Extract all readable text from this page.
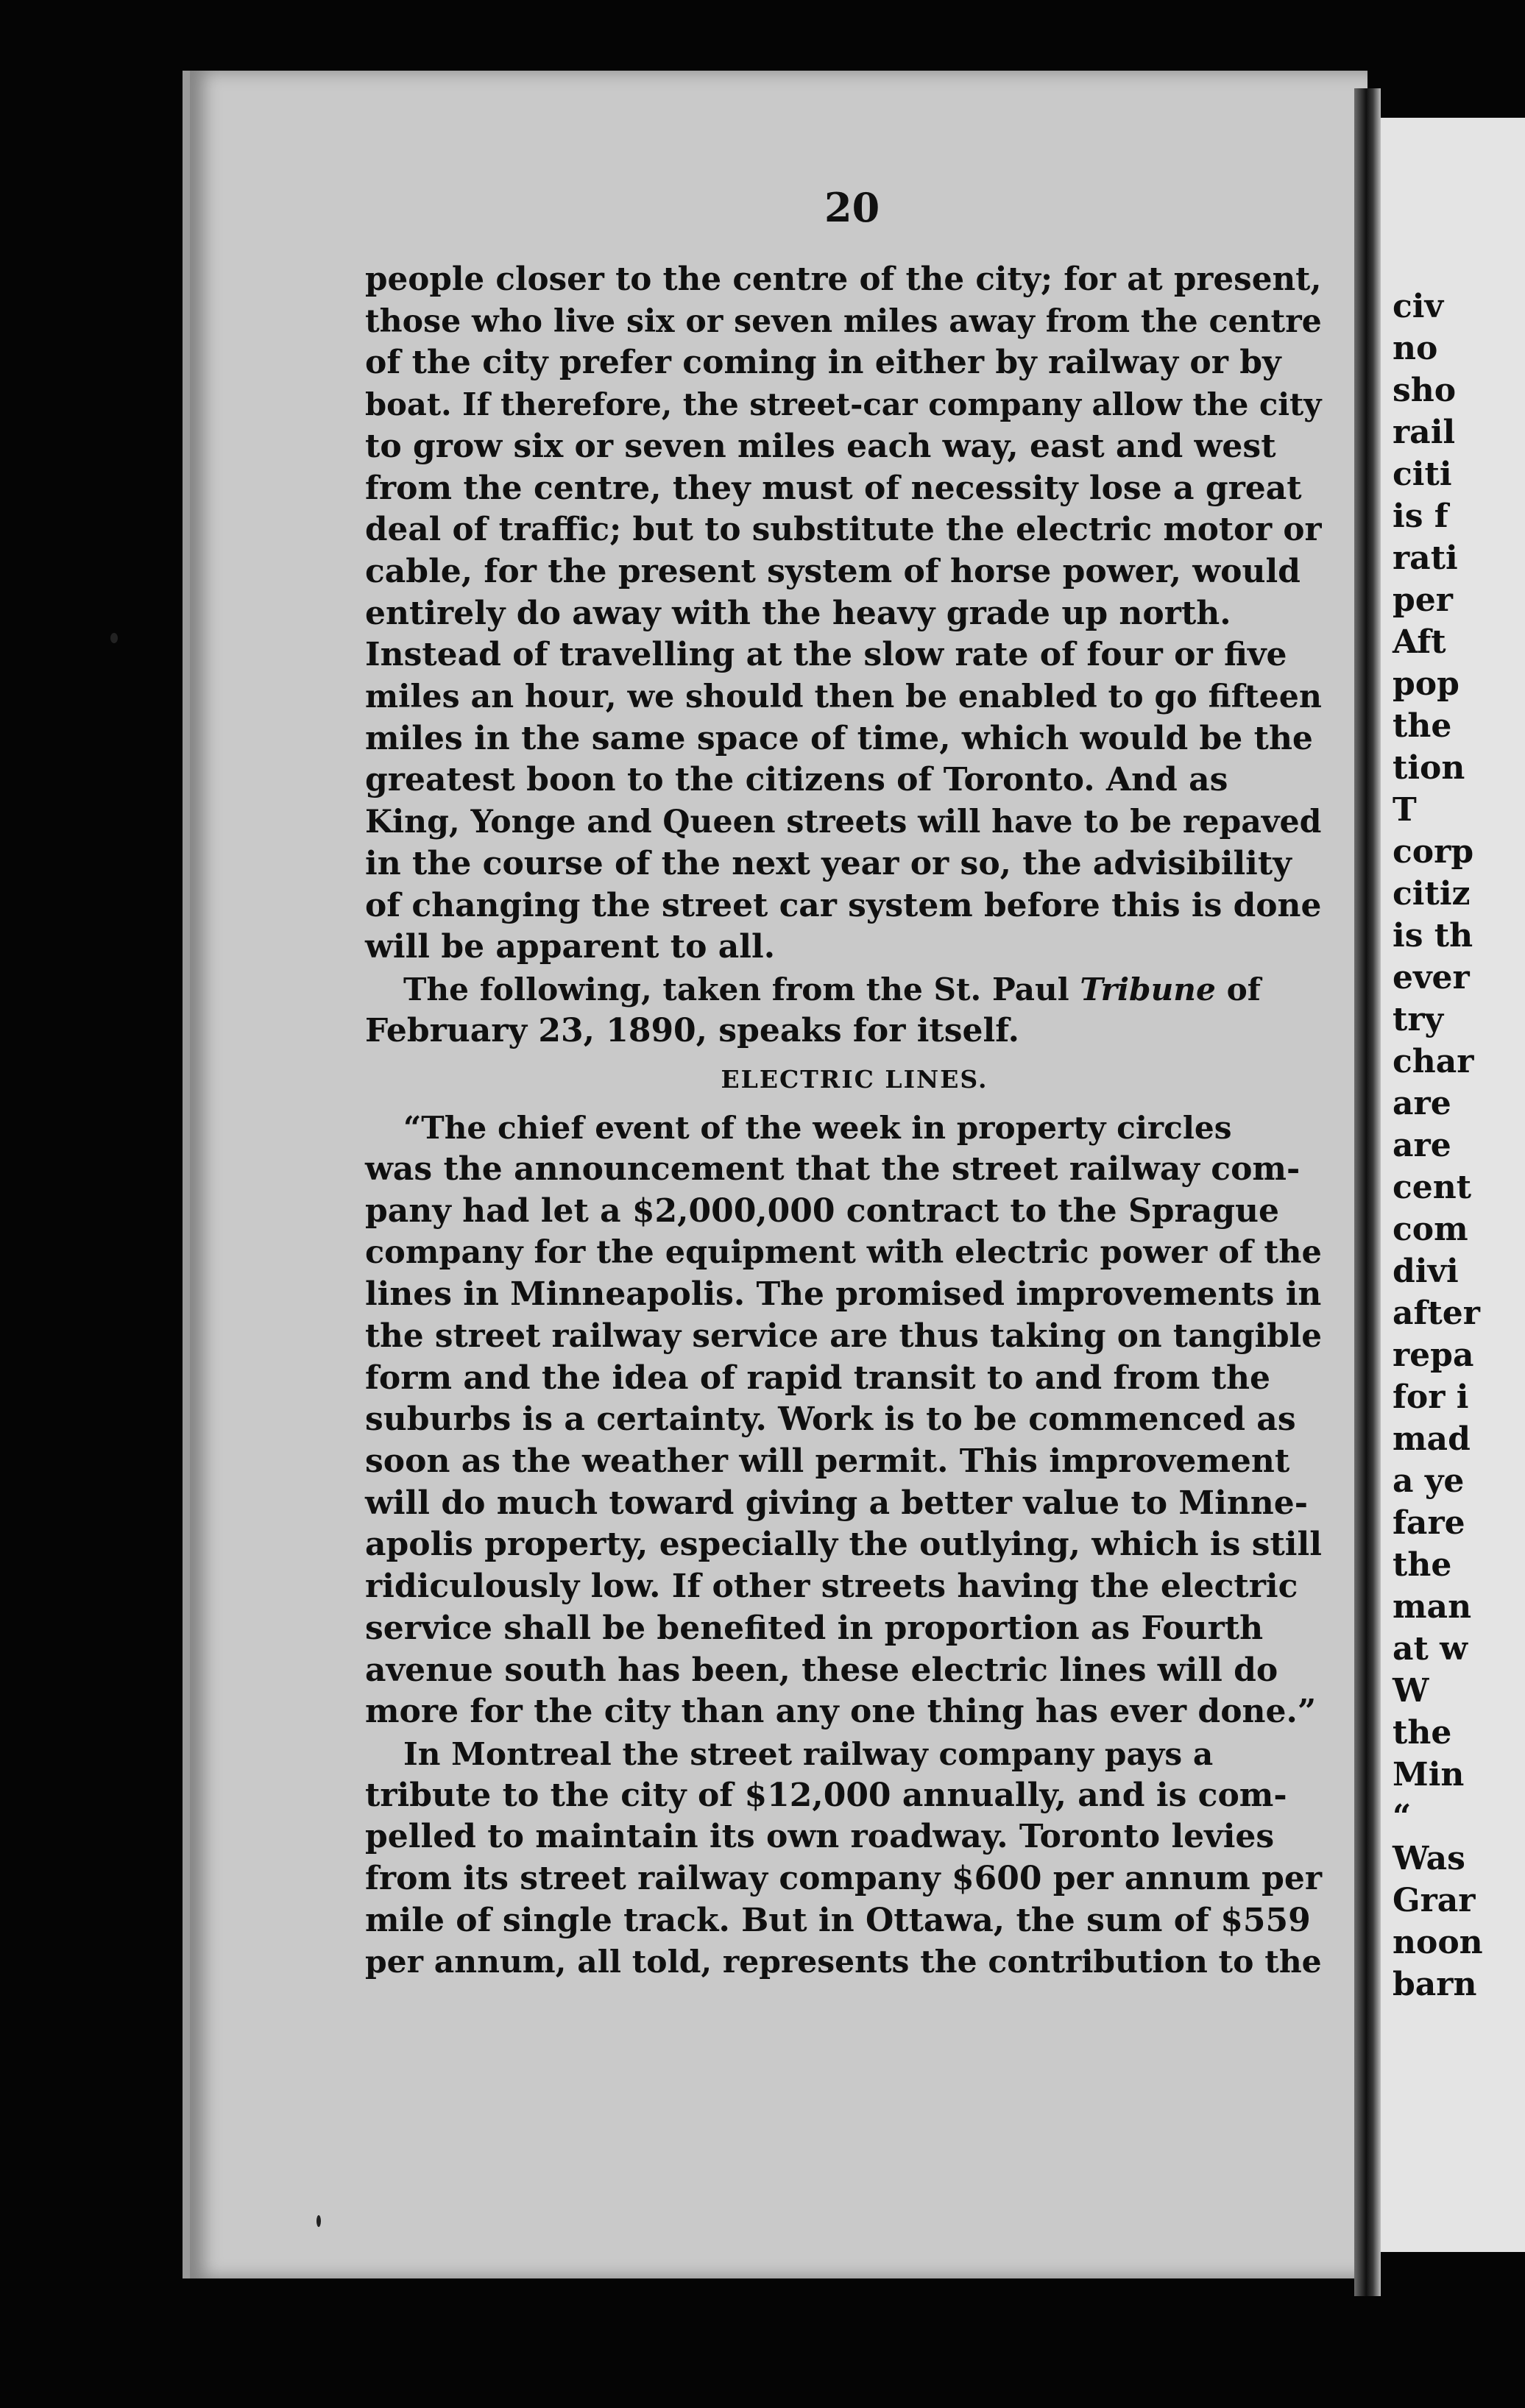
civ
no
sho
rail
citi
is f
rati
per
Aft
pop
the
tion
T
corp
citiz
is th
ever
try
char
are
are
cent
com
divi
after
repa
for i
mad
a ye
fare
the
man
at w
W
the
Min
“
Was
Grar
noon
barn
20
people closer to the centre of the city; for at present,
those who live six or seven miles away from the centre
of the city prefer coming in either by railway or by
boat. If therefore, the street-car company allow the city
to grow six or seven miles each way, east and west
from the centre, they must of necessity lose a great
deal of traffic; but to substitute the electric motor or
cable, for the present system of horse power, would
entirely do away with the heavy grade up north.
Instead of travelling at the slow rate of four or five
miles an hour, we should then be enabled to go fifteen
miles in the same space of time, which would be the
greatest boon to the citizens of Toronto. And as
King, Yonge and Queen streets will have to be repaved
in the course of the next year or so, the advisibility
of changing the street car system before this is done
will be apparent to all.
The following, taken from the St. Paul Tribune of
February 23, 1890, speaks for itself.
ELECTRIC LINES.
“The chief event of the week in property circles
was the announcement that the street railway com-
pany had let a $2,000,000 contract to the Sprague
company for the equipment with electric power of the
lines in Minneapolis. The promised improvements in
the street railway service are thus taking on tangible
form and the idea of rapid transit to and from the
suburbs is a certainty. Work is to be commenced as
soon as the weather will permit. This improvement
will do much toward giving a better value to Minne-
apolis property, especially the outlying, which is still
ridiculously low. If other streets having the electric
service shall be benefited in proportion as Fourth
avenue south has been, these electric lines will do
more for the city than any one thing has ever done.”
In Montreal the street railway company pays a
tribute to the city of $12,000 annually, and is com-
pelled to maintain its own roadway. Toronto levies
from its street railway company $600 per annum per
mile of single track. But in Ottawa, the sum of $559
per annum, all told, represents the contribution to the
